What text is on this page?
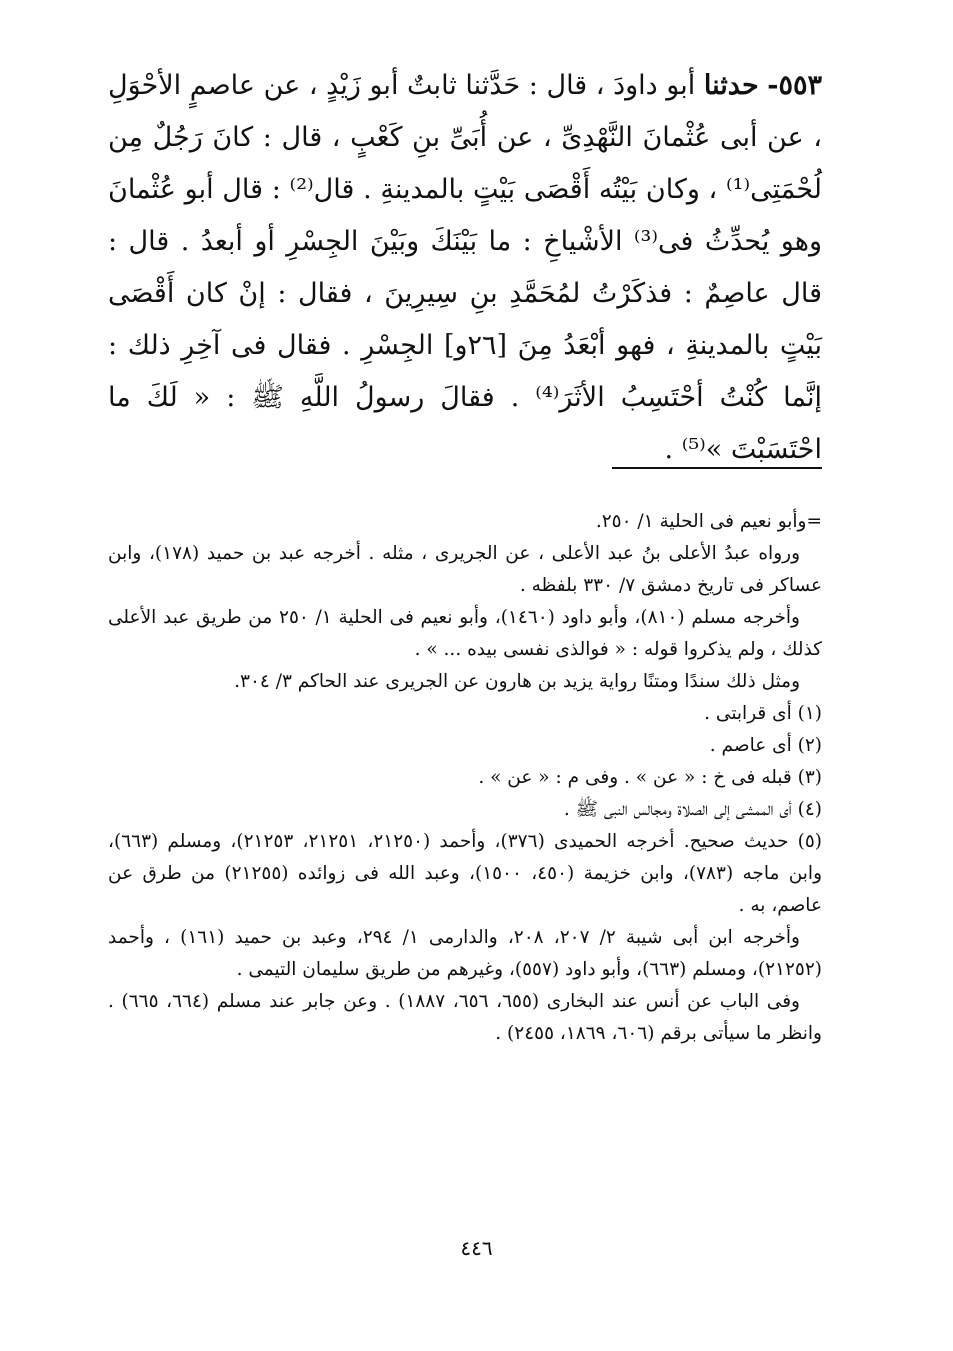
٥٥٣- حدثنا أبو داودَ ، قال : حَدَّثنا ثابتٌ أبو زَيْدٍ ، عن عاصمٍ الأحْوَلِ ، عن أبى عُثْمانَ النَّهْدِىِّ ، عن أُبَىِّ بنِ كَعْبٍ ، قال : كانَ رَجُلٌ مِن لُحْمَتِى⁽¹⁾ ، وكان بَيْتُه أَقْصَى بَيْتٍ بالمدينةِ . قال⁽²⁾ : قال أبو عُثْمانَ وهو يُحدِّثُ فى⁽³⁾ الأشْياخِ : ما بَيْنَكَ وبَيْنَ الجِسْرِ أو أبعدُ . قال : قال عاصِمٌ : فذكَرْتُ لمُحَمَّدِ بنِ سِيرِينَ ، فقال : إنْ كان أَقْصَى بَيْتٍ بالمدينةِ ، فهو أبْعَدُ مِنَ [٢٦و] الجِسْرِ . فقال فى آخِرِ ذلك : إنَّما كُنْتُ أحْتَسِبُ الأثَرَ⁽⁴⁾ . فقالَ رسولُ اللَّهِ ﷺ : « لَكَ ما احْتَسَبْتَ »⁽⁵⁾ .

=وأبو نعيم فى الحلية ١/ ٢٥٠.

ورواه عبدُ الأعلى بنُ عبد الأعلى ، عن الجريرى ، مثله . أخرجه عبد بن حميد (١٧٨)، وابن عساكر فى تاريخ دمشق ٧/ ٣٣٠ بلفظه .

وأخرجه مسلم (٨١٠)، وأبو داود (١٤٦٠)، وأبو نعيم فى الحلية ١/ ٢٥٠ من طريق عبد الأعلى كذلك ، ولم يذكروا قوله : « فوالذى نفسى بيده ... » .

ومثل ذلك سندًا ومتنًا رواية يزيد بن هارون عن الجريرى عند الحاكم ٣/ ٣٠٤.

(١) أى قرابتى .

(٢) أى عاصم .

(٣) قبله فى خ : « عن » . وفى م : « عن » .

(٤) أى الممشى إلى الصلاة ومجالس النبى ﷺ .

(٥) حديث صحيح. أخرجه الحميدى (٣٧٦)، وأحمد (٢١٢٥٠، ٢١٢٥١، ٢١٢٥٣)، ومسلم (٦٦٣)، وابن ماجه (٧٨٣)، وابن خزيمة (٤٥٠، ١٥٠٠)، وعبد الله فى زوائده (٢١٢٥٥) من طرق عن عاصم، به .

وأخرجه ابن أبى شيبة ٢/ ٢٠٧، ٢٠٨، والدارمى ١/ ٢٩٤، وعبد بن حميد (١٦١) ، وأحمد (٢١٢٥٢)، ومسلم (٦٦٣)، وأبو داود (٥٥٧)، وغيرهم من طريق سليمان التيمى .

وفى الباب عن أنس عند البخارى (٦٥٥، ٦٥٦، ١٨٨٧) . وعن جابر عند مسلم (٦٦٤، ٦٦٥) . وانظر ما سيأتى برقم (٦٠٦، ١٨٦٩، ٢٤٥٥) .

٤٤٦
